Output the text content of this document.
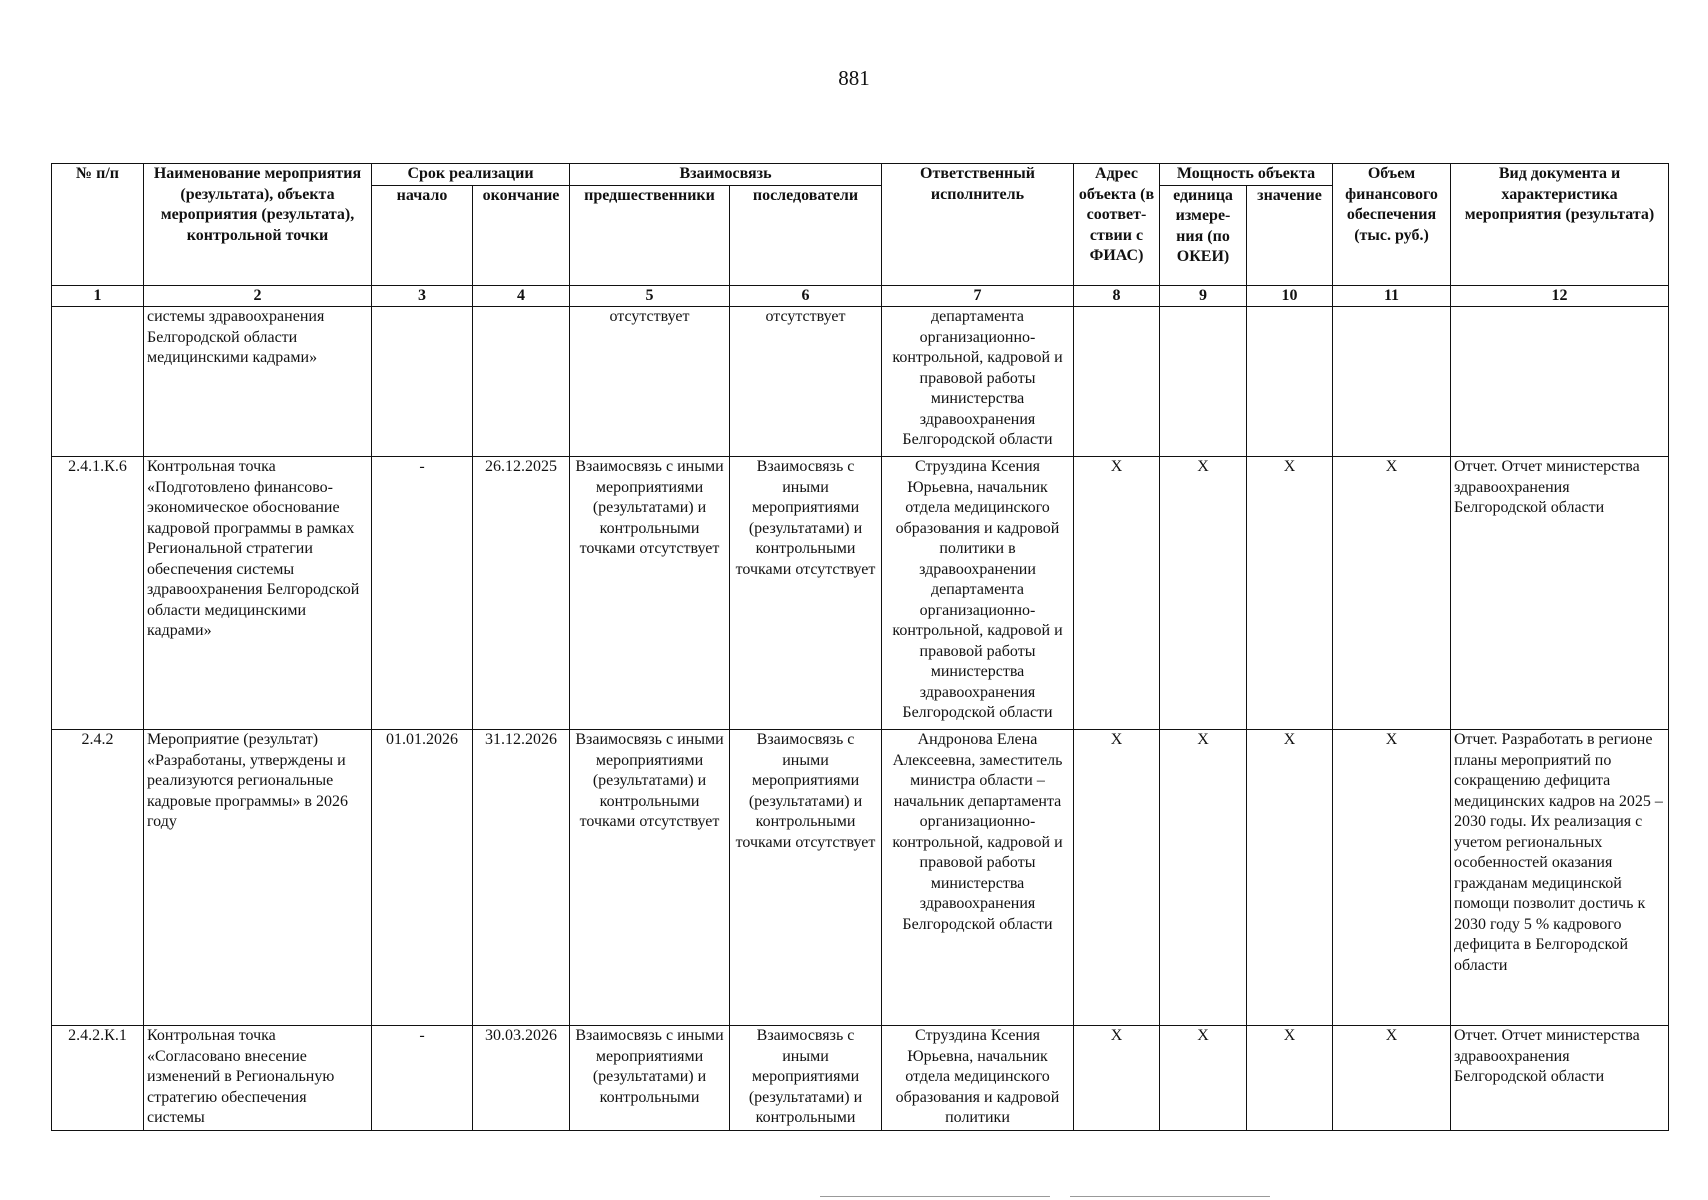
881
№ п/п	Наименование мероприятия (результата), объекта мероприятия (результата), контрольной точки	Срок реализации		Взаимосвязь		Ответственный исполнитель	Адрес объекта (в соответ-ствии с ФИАС)	Мощность объекта		Объем финансового обеспечения (тыс. руб.)	Вид документа и характеристика мероприятия (результата)
		начало	окончание	предшественники	последователи			единица измере-ния (по ОКЕИ)	значение		
1	2	3	4	5	6	7	8	9	10	11	12
	системы здравоохранения Белгородской области медицинскими кадрами»			отсутствует	отсутствует	департамента организационно-контрольной, кадровой и правовой работы министерства здравоохранения Белгородской области					
2.4.1.К.6	Контрольная точка «Подготовлено финансово-экономическое обоснование кадровой программы в рамках Региональной стратегии обеспечения системы здравоохранения Белгородской области медицинскими кадрами»	-	26.12.2025	Взаимосвязь с иными мероприятиями (результатами) и контрольными точками отсутствует	Взаимосвязь с иными мероприятиями (результатами) и контрольными точками отсутствует	Струздина Ксения Юрьевна, начальник отдела медицинского образования и кадровой политики в здравоохранении департамента организационно-контрольной, кадровой и правовой работы министерства здравоохранения Белгородской области	Х	Х	Х	Х	Отчет. Отчет министерства здравоохранения Белгородской области
2.4.2	Мероприятие (результат) «Разработаны, утверждены и реализуются региональные кадровые программы» в 2026 году	01.01.2026	31.12.2026	Взаимосвязь с иными мероприятиями (результатами) и контрольными точками отсутствует	Взаимосвязь с иными мероприятиями (результатами) и контрольными точками отсутствует	Андронова Елена Алексеевна, заместитель министра области – начальник департамента организационно-контрольной, кадровой и правовой работы министерства здравоохранения Белгородской области	Х	Х	Х	Х	Отчет. Разработать в регионе планы мероприятий по сокращению дефицита медицинских кадров на 2025 – 2030 годы. Их реализация с учетом региональных особенностей оказания гражданам медицинской помощи позволит достичь к 2030 году 5 % кадрового дефицита в Белгородской области
2.4.2.К.1	Контрольная точка «Согласовано внесение изменений в Региональную стратегию обеспечения системы	-	30.03.2026	Взаимосвязь с иными мероприятиями (результатами) и контрольными	Взаимосвязь с иными мероприятиями (результатами) и контрольными	Струздина Ксения Юрьевна, начальник отдела медицинского образования и кадровой политики	Х	Х	Х	Х	Отчет. Отчет министерства здравоохранения Белгородской области
